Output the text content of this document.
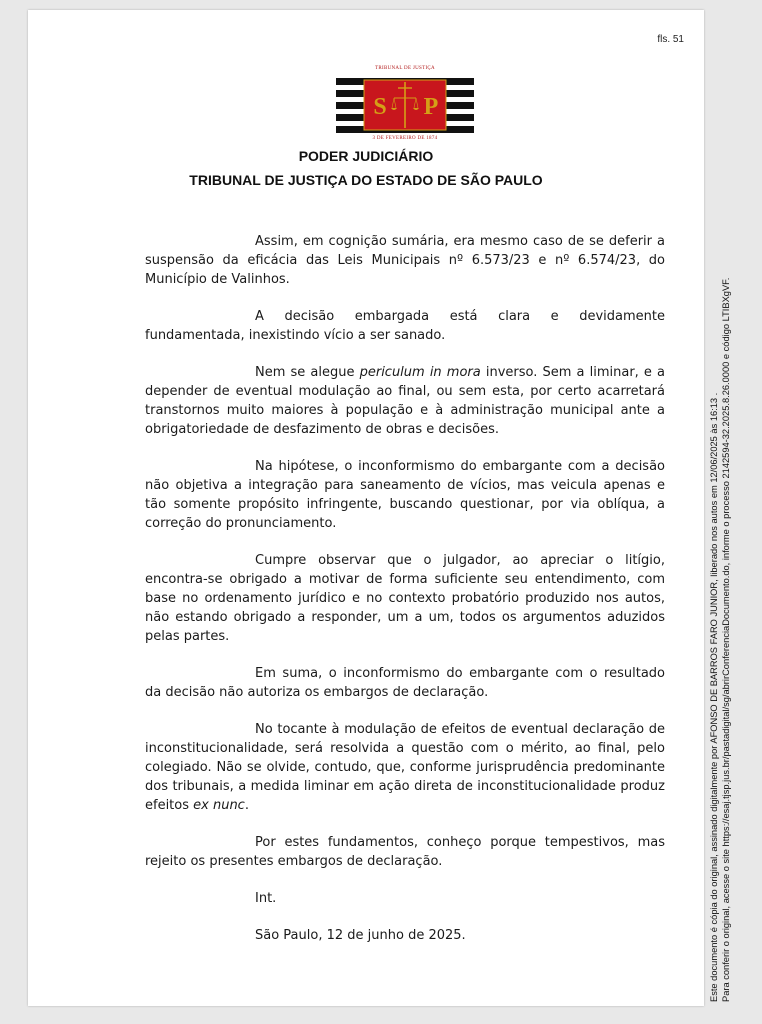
fls. 51
TRIBUNAL DE JUSTIÇA
S P
3 DE FEVEREIRO DE 1874
PODER JUDICIÁRIO
TRIBUNAL DE JUSTIÇA DO ESTADO DE SÃO PAULO

Assim, em cognição sumária, era mesmo caso de se deferir a suspensão da eficácia das Leis Municipais nº 6.573/23 e nº 6.574/23, do Município de Valinhos.

A decisão embargada está clara e devidamente fundamentada, inexistindo vício a ser sanado.

Nem se alegue periculum in mora inverso. Sem a liminar, e a depender de eventual modulação ao final, ou sem esta, por certo acarretará transtornos muito maiores à população e à administração municipal ante a obrigatoriedade de desfazimento de obras e decisões.

Na hipótese, o inconformismo do embargante com a decisão não objetiva a integração para saneamento de vícios, mas veicula apenas e tão somente propósito infringente, buscando questionar, por via oblíqua, a correção do pronunciamento.

Cumpre observar que o julgador, ao apreciar o litígio, encontra-se obrigado a motivar de forma suficiente seu entendimento, com base no ordenamento jurídico e no contexto probatório produzido nos autos, não estando obrigado a responder, um a um, todos os argumentos aduzidos pelas partes.

Em suma, o inconformismo do embargante com o resultado da decisão não autoriza os embargos de declaração.

No tocante à modulação de efeitos de eventual declaração de inconstitucionalidade, será resolvida a questão com o mérito, ao final, pelo colegiado. Não se olvide, contudo, que, conforme jurisprudência predominante dos tribunais, a medida liminar em ação direta de inconstitucionalidade produz efeitos ex nunc.

Por estes fundamentos, conheço porque tempestivos, mas rejeito os presentes embargos de declaração.

Int.

São Paulo, 12 de junho de 2025.	Este documento é cópia do original, assinado digitalmente por AFONSO DE BARROS FARO JUNIOR, liberado nos autos em 12/06/2025 às 16:13 . Para conferir o original, acesse o site https://esaj.tjsp.jus.br/pastadigital/sg/abrirConferenciaDocumento.do, informe o processo 2142594-32.2025.8.26.0000 e código LTIBXgVF.
